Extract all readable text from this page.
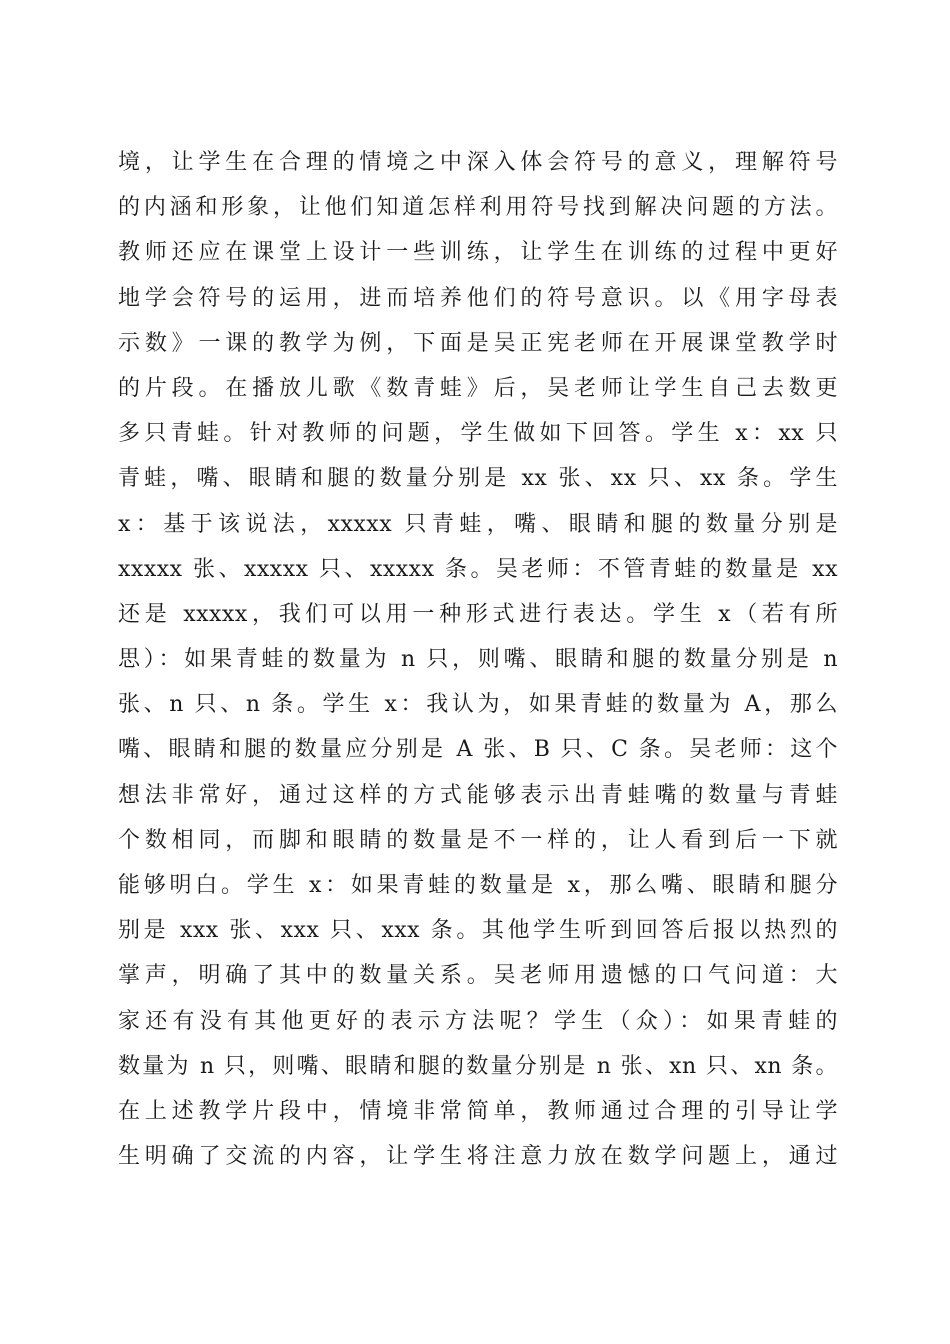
境，让学生在合理的情境之中深入体会符号的意义，理解符号
的内涵和形象，让他们知道怎样利用符号找到解决问题的方法。
教师还应在课堂上设计一些训练，让学生在训练的过程中更好
地学会符号的运用，进而培养他们的符号意识。以《用字母表
示数》一课的教学为例，下面是吴正宪老师在开展课堂教学时
的片段。在播放儿歌《数青蛙》后，吴老师让学生自己去数更
多只青蛙。针对教师的问题，学生做如下回答。学生 x：xx 只
青蛙，嘴、眼睛和腿的数量分别是 xx 张、xx 只、xx 条。学生
x：基于该说法，xxxxx 只青蛙，嘴、眼睛和腿的数量分别是
xxxxx 张、xxxxx 只、xxxxx 条。吴老师：不管青蛙的数量是 xx
还是 xxxxx，我们可以用一种形式进行表达。学生 x（若有所
思）：如果青蛙的数量为 n 只，则嘴、眼睛和腿的数量分别是 n
张、n 只、n 条。学生 x：我认为，如果青蛙的数量为 A，那么
嘴、眼睛和腿的数量应分别是 A 张、B 只、C 条。吴老师：这个
想法非常好，通过这样的方式能够表示出青蛙嘴的数量与青蛙
个数相同，而脚和眼睛的数量是不一样的，让人看到后一下就
能够明白。学生 x：如果青蛙的数量是 x，那么嘴、眼睛和腿分
别是 xxx 张、xxx 只、xxx 条。其他学生听到回答后报以热烈的
掌声，明确了其中的数量关系。吴老师用遗憾的口气问道：大
家还有没有其他更好的表示方法呢？学生（众）：如果青蛙的
数量为 n 只，则嘴、眼睛和腿的数量分别是 n 张、xn 只、xn 条。
在上述教学片段中，情境非常简单，教师通过合理的引导让学
生明确了交流的内容，让学生将注意力放在数学问题上，通过
